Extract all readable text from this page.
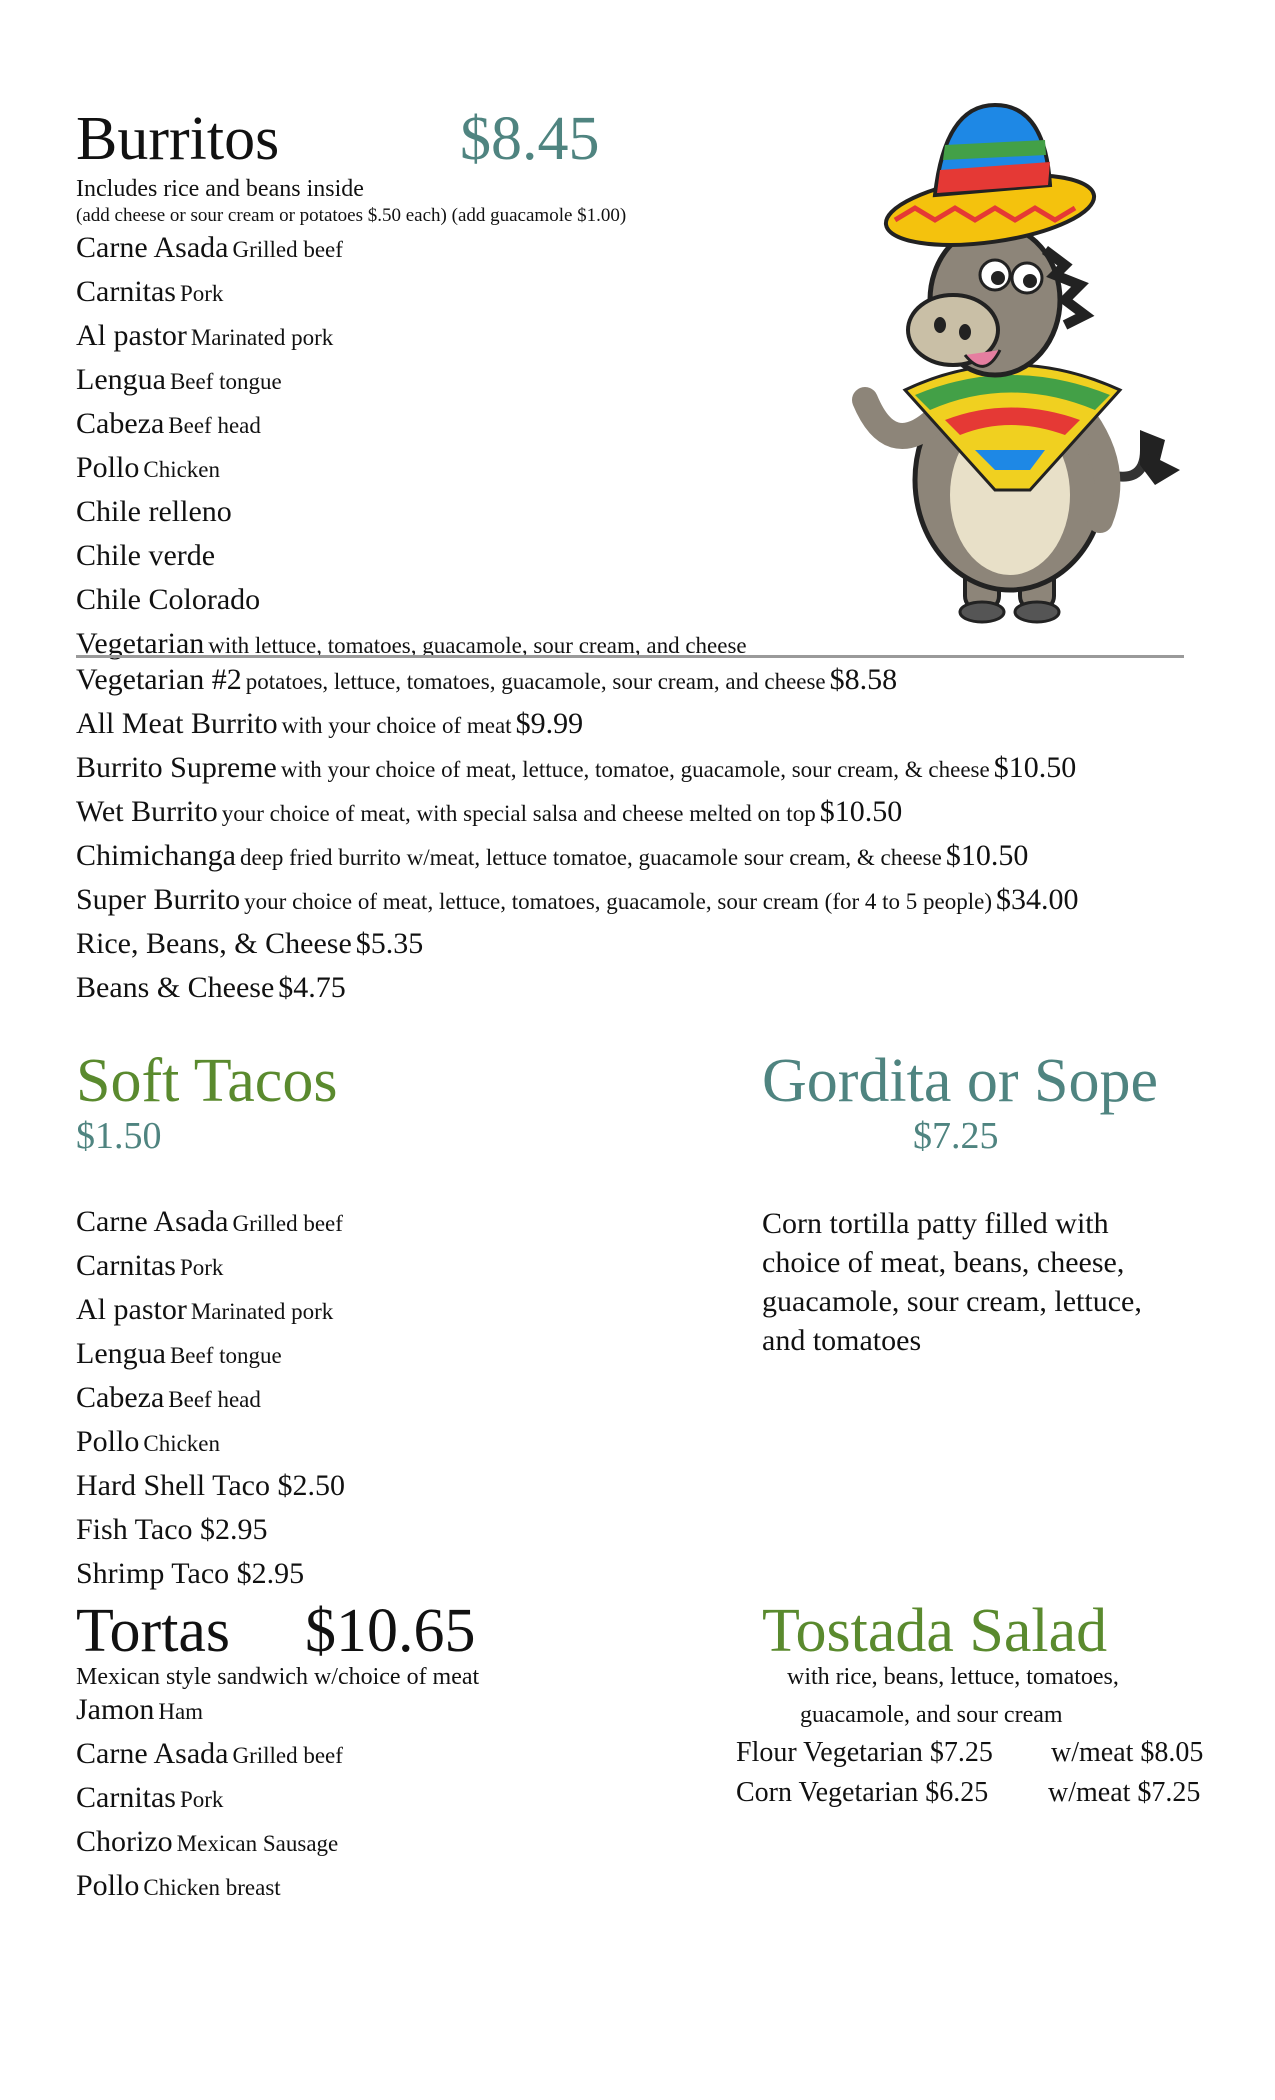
Burritos	$8.45
Includes rice and beans inside
(add cheese or sour cream or potatoes $.50 each) (add guacamole $1.00)
Carne Asada Grilled beef
Carnitas Pork
Al pastor Marinated pork
Lengua Beef tongue
Cabeza Beef head
Pollo Chicken
Chile relleno
Chile verde
Chile Colorado
Vegetarian with lettuce, tomatoes, guacamole, sour cream, and cheese
Vegetarian #2 potatoes, lettuce, tomatoes, guacamole, sour cream, and cheese $8.58
All Meat Burrito with your choice of meat $9.99
Burrito Supreme with your choice of meat, lettuce, tomatoe, guacamole, sour cream, & cheese $10.50
Wet Burrito your choice of meat, with special salsa and cheese melted on top $10.50
Chimichanga deep fried burrito w/meat, lettuce tomatoe, guacamole sour cream, & cheese $10.50
Super Burrito your choice of meat, lettuce, tomatoes, guacamole, sour cream (for 4 to 5 people) $34.00
Rice, Beans, & Cheese $5.35
Beans & Cheese $4.75
Soft Tacos
$1.50
Carne Asada Grilled beef
Carnitas Pork
Al pastor Marinated pork
Lengua Beef tongue
Cabeza Beef head
Pollo Chicken
Hard Shell Taco $2.50
Fish Taco $2.95
Shrimp Taco $2.95
Gordita or Sope
$7.25
Corn tortilla patty filled with
choice of meat, beans, cheese,
guacamole, sour cream, lettuce,
and tomatoes
Tortas $10.65
Mexican style sandwich w/choice of meat
Jamon Ham
Carne Asada Grilled beef
Carnitas Pork
Chorizo Mexican Sausage
Pollo Chicken breast
Tostada Salad
with rice, beans, lettuce, tomatoes,
guacamole, and sour cream
Flour Vegetarian $7.25 w/meat $8.05
Corn Vegetarian $6.25 w/meat $7.25
